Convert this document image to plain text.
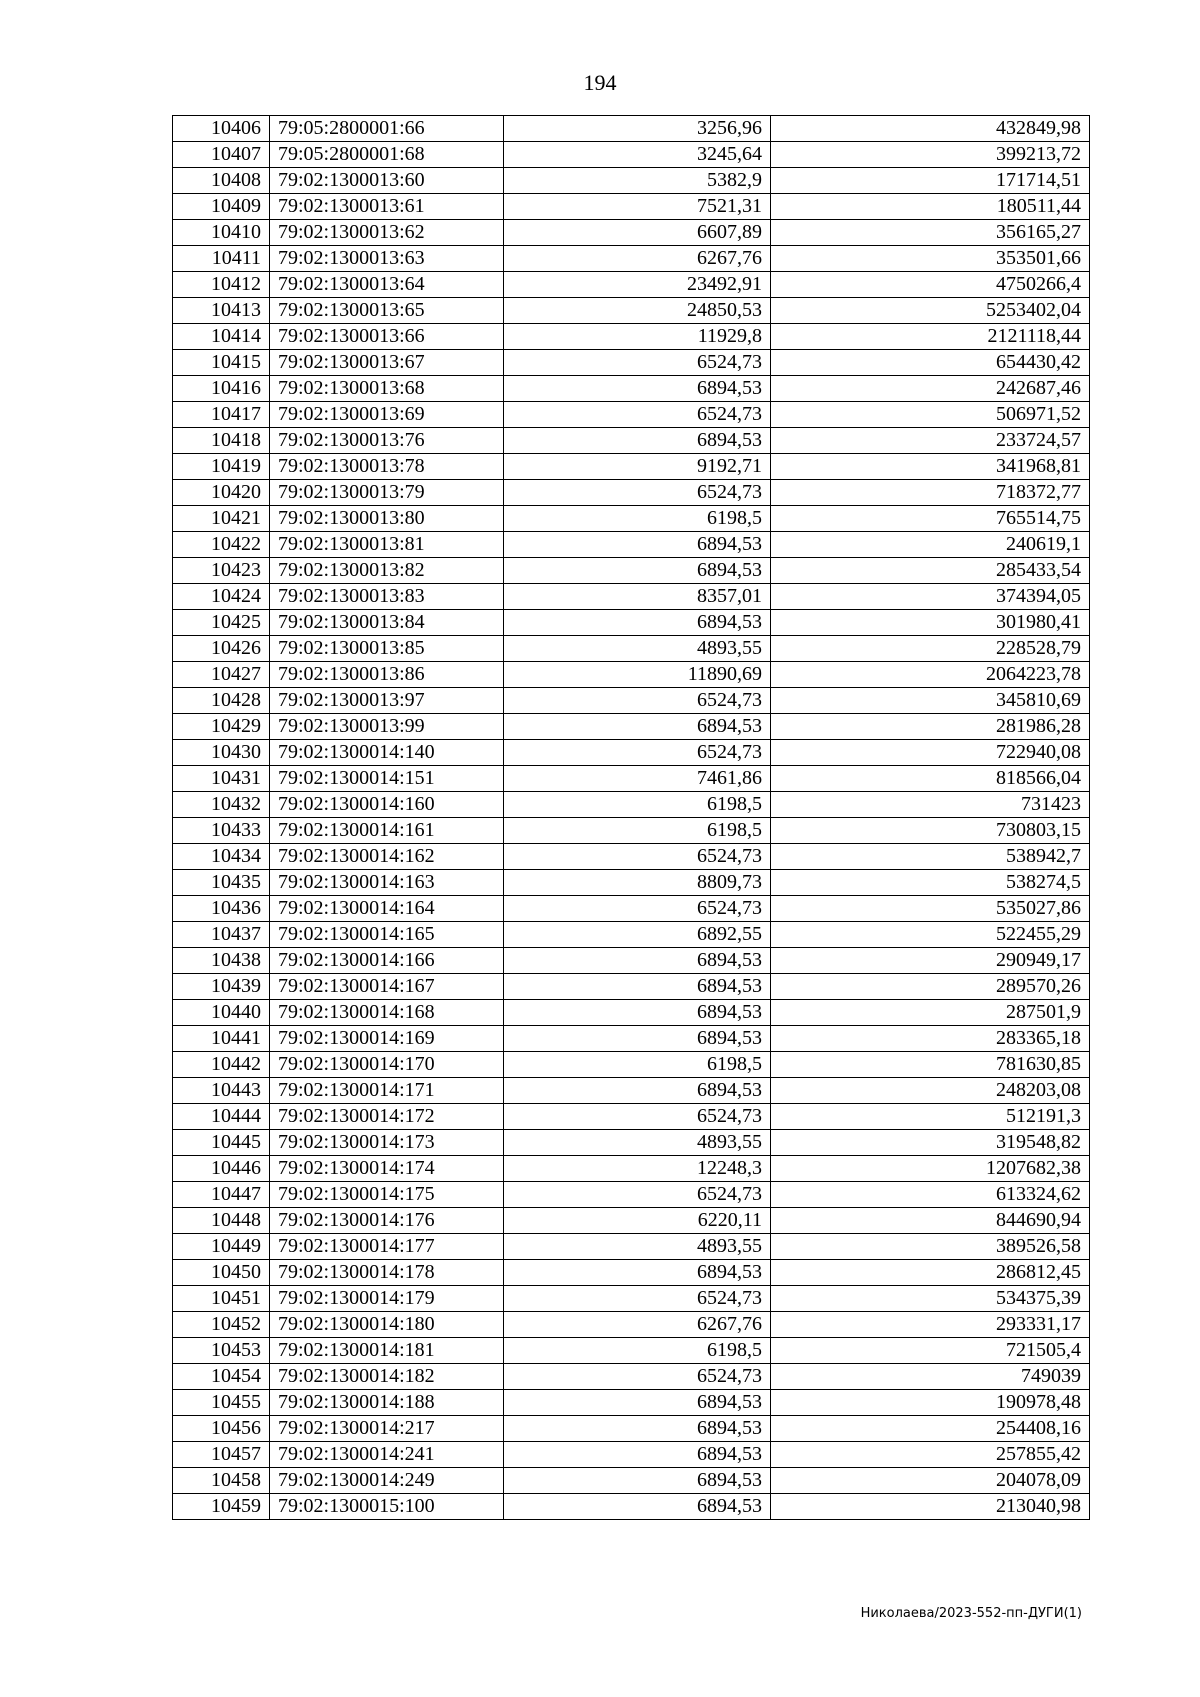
194
10406	79:05:2800001:66	3256,96	432849,98
10407	79:05:2800001:68	3245,64	399213,72
10408	79:02:1300013:60	5382,9	171714,51
10409	79:02:1300013:61	7521,31	180511,44
10410	79:02:1300013:62	6607,89	356165,27
10411	79:02:1300013:63	6267,76	353501,66
10412	79:02:1300013:64	23492,91	4750266,4
10413	79:02:1300013:65	24850,53	5253402,04
10414	79:02:1300013:66	11929,8	2121118,44
10415	79:02:1300013:67	6524,73	654430,42
10416	79:02:1300013:68	6894,53	242687,46
10417	79:02:1300013:69	6524,73	506971,52
10418	79:02:1300013:76	6894,53	233724,57
10419	79:02:1300013:78	9192,71	341968,81
10420	79:02:1300013:79	6524,73	718372,77
10421	79:02:1300013:80	6198,5	765514,75
10422	79:02:1300013:81	6894,53	240619,1
10423	79:02:1300013:82	6894,53	285433,54
10424	79:02:1300013:83	8357,01	374394,05
10425	79:02:1300013:84	6894,53	301980,41
10426	79:02:1300013:85	4893,55	228528,79
10427	79:02:1300013:86	11890,69	2064223,78
10428	79:02:1300013:97	6524,73	345810,69
10429	79:02:1300013:99	6894,53	281986,28
10430	79:02:1300014:140	6524,73	722940,08
10431	79:02:1300014:151	7461,86	818566,04
10432	79:02:1300014:160	6198,5	731423
10433	79:02:1300014:161	6198,5	730803,15
10434	79:02:1300014:162	6524,73	538942,7
10435	79:02:1300014:163	8809,73	538274,5
10436	79:02:1300014:164	6524,73	535027,86
10437	79:02:1300014:165	6892,55	522455,29
10438	79:02:1300014:166	6894,53	290949,17
10439	79:02:1300014:167	6894,53	289570,26
10440	79:02:1300014:168	6894,53	287501,9
10441	79:02:1300014:169	6894,53	283365,18
10442	79:02:1300014:170	6198,5	781630,85
10443	79:02:1300014:171	6894,53	248203,08
10444	79:02:1300014:172	6524,73	512191,3
10445	79:02:1300014:173	4893,55	319548,82
10446	79:02:1300014:174	12248,3	1207682,38
10447	79:02:1300014:175	6524,73	613324,62
10448	79:02:1300014:176	6220,11	844690,94
10449	79:02:1300014:177	4893,55	389526,58
10450	79:02:1300014:178	6894,53	286812,45
10451	79:02:1300014:179	6524,73	534375,39
10452	79:02:1300014:180	6267,76	293331,17
10453	79:02:1300014:181	6198,5	721505,4
10454	79:02:1300014:182	6524,73	749039
10455	79:02:1300014:188	6894,53	190978,48
10456	79:02:1300014:217	6894,53	254408,16
10457	79:02:1300014:241	6894,53	257855,42
10458	79:02:1300014:249	6894,53	204078,09
10459	79:02:1300015:100	6894,53	213040,98
Николаева/2023-552-пп-ДУГИ(1)
